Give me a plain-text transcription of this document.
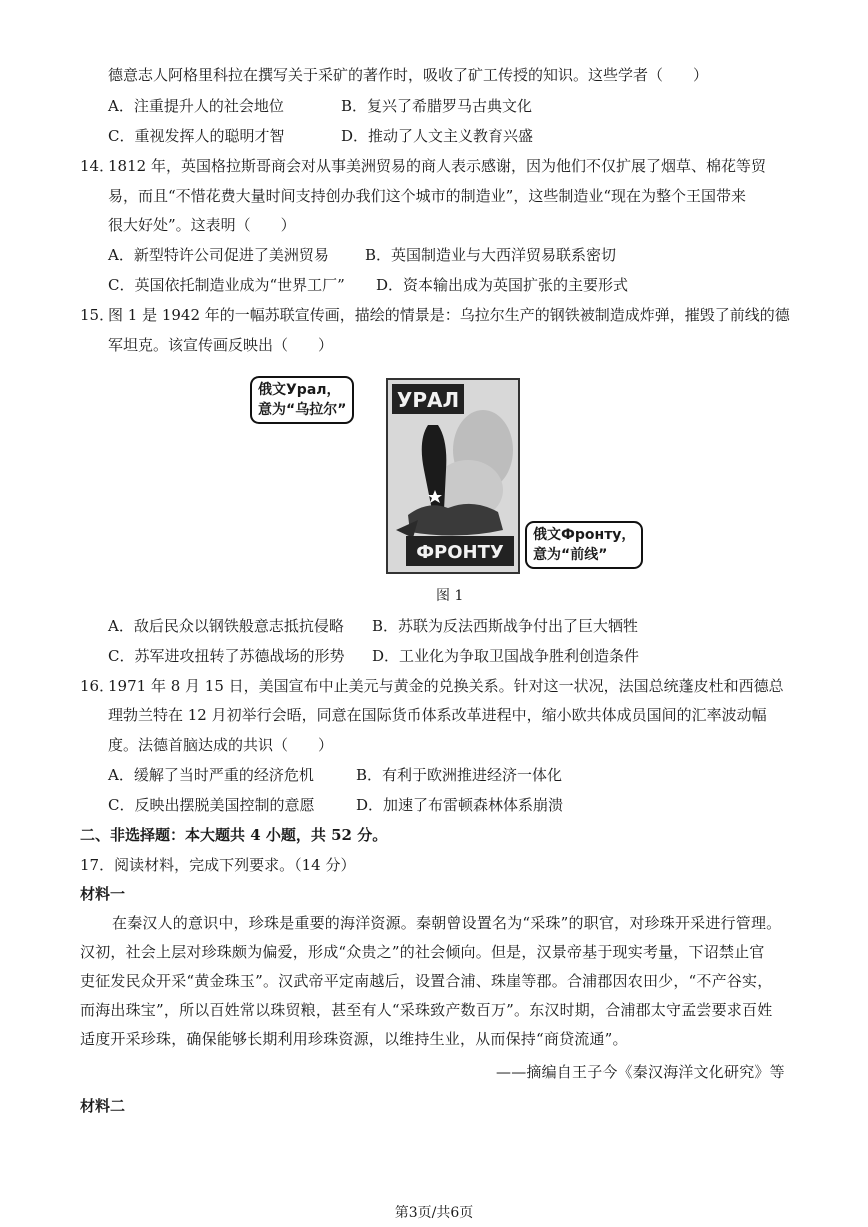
德意志人阿格里科拉在撰写关于采矿的著作时，吸收了矿工传授的知识。这些学者（　　）
A．注重提升人的社会地位	B．复兴了希腊罗马古典文化
C．重视发挥人的聪明才智	D．推动了人文主义教育兴盛
14．
1812 年，英国格拉斯哥商会对从事美洲贸易的商人表示感谢，因为他们不仅扩展了烟草、棉花等贸
易，而且“不惜花费大量时间支持创办我们这个城市的制造业”，这些制造业“现在为整个王国带来
很大好处”。这表明（　　）
A．新型特许公司促进了美洲贸易 B．英国制造业与大西洋贸易联系密切
C．英国依托制造业成为“世界工厂” D．资本输出成为英国扩张的主要形式
15．
图 1 是 1942 年的一幅苏联宣传画，描绘的情景是：乌拉尔生产的钢铁被制造成炸弹，摧毁了前线的德
军坦克。该宣传画反映出（　　）
УРАЛ
ФРОНТУ
俄文Урал，
意为“乌拉尔”
俄文Фронту，
意为“前线”
图 1
A．敌后民众以钢铁般意志抵抗侵略 B．苏联为反法西斯战争付出了巨大牺牲
C．苏军进攻扭转了苏德战场的形势 D．工业化为争取卫国战争胜利创造条件
16．
1971 年 8 月 15 日，美国宣布中止美元与黄金的兑换关系。针对这一状况，法国总统蓬皮杜和西德总
理勃兰特在 12 月初举行会晤，同意在国际货币体系改革进程中，缩小欧共体成员国间的汇率波动幅
度。法德首脑达成的共识（　　）
A．缓解了当时严重的经济危机	B．有利于欧洲推进经济一体化
C．反映出摆脱美国控制的意愿	D．加速了布雷顿森林体系崩溃
二、非选择题：本大题共 4 小题，共 52 分。
17．阅读材料，完成下列要求。（14 分）
材料一
在秦汉人的意识中，珍珠是重要的海洋资源。秦朝曾设置名为“采珠”的职官，对珍珠开采进行管理。
汉初，社会上层对珍珠颇为偏爱，形成“众贵之”的社会倾向。但是，汉景帝基于现实考量，下诏禁止官
吏征发民众开采“黄金珠玉”。汉武帝平定南越后，设置合浦、珠崖等郡。合浦郡因农田少，“不产谷实，
而海出珠宝”，所以百姓常以珠贸粮，甚至有人“采珠致产数百万”。东汉时期，合浦郡太守孟尝要求百姓
适度开采珍珠，确保能够长期利用珍珠资源，以维持生业，从而保持“商贷流通”。
——摘编自王子今《秦汉海洋文化研究》等
材料二
第3页/共6页
